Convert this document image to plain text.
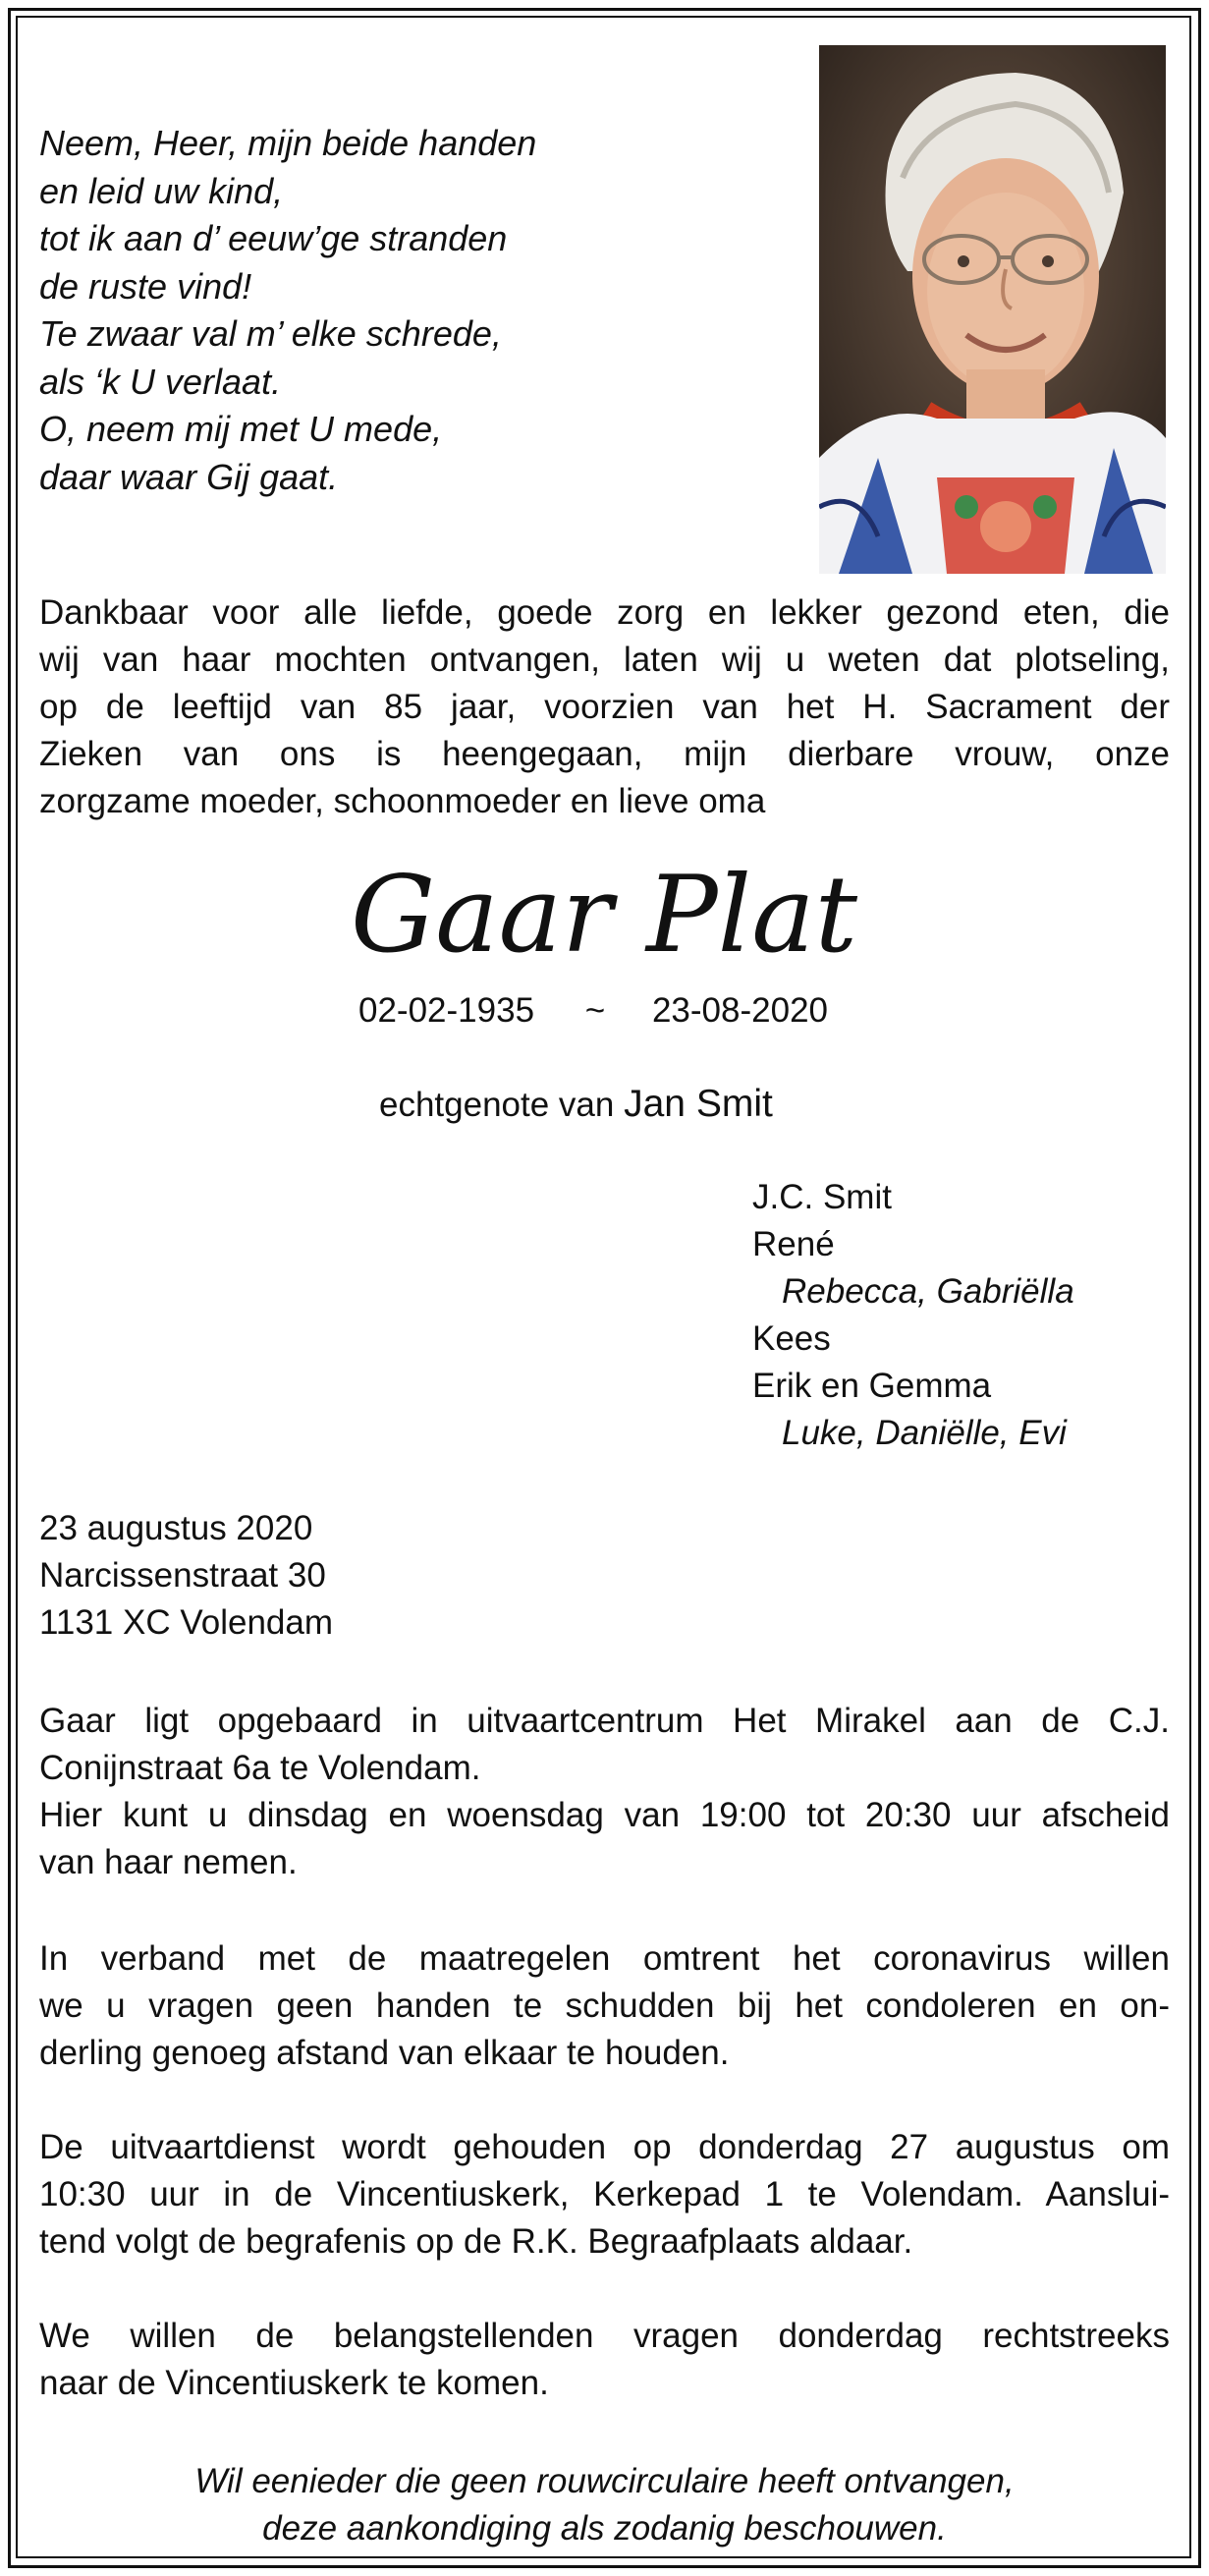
Neem, Heer, mijn beide handen
en leid uw kind,
tot ik aan d’ eeuw’ge stranden
de ruste vind!
Te zwaar val m’ elke schrede,
als ‘k U verlaat.
O, neem mij met U mede,
daar waar Gij gaat.
Dankbaar voor alle liefde, goede zorg en lekker gezond eten, die
wij van haar mochten ontvangen, laten wij u weten dat plotseling,
op de leeftijd van 85 jaar, voorzien van het H. Sacrament der
Zieken van ons is heengegaan, mijn dierbare vrouw, onze
zorgzame moeder, schoonmoeder en lieve oma
Gaar Plat
02-02-1935 ~ 23-08-2020
echtgenote van Jan Smit
J.C. Smit
René
Rebecca, Gabriëlla
Kees
Erik en Gemma
Luke, Daniëlle, Evi
23 augustus 2020
Narcissenstraat 30
1131 XC Volendam
Gaar ligt opgebaard in uitvaartcentrum Het Mirakel aan de C.J.
Conijnstraat 6a te Volendam.
Hier kunt u dinsdag en woensdag van 19:00 tot 20:30 uur afscheid
van haar nemen.
In verband met de maatregelen omtrent het coronavirus willen
we u vragen geen handen te schudden bij het condoleren en on-
derling genoeg afstand van elkaar te houden.
De uitvaartdienst wordt gehouden op donderdag 27 augustus om
10:30 uur in de Vincentiuskerk, Kerkepad 1 te Volendam. Aanslui-
tend volgt de begrafenis op de R.K. Begraafplaats aldaar.
We willen de belangstellenden vragen donderdag rechtstreeks
naar de Vincentiuskerk te komen.
Wil eenieder die geen rouwcirculaire heeft ontvangen,
deze aankondiging als zodanig beschouwen.
